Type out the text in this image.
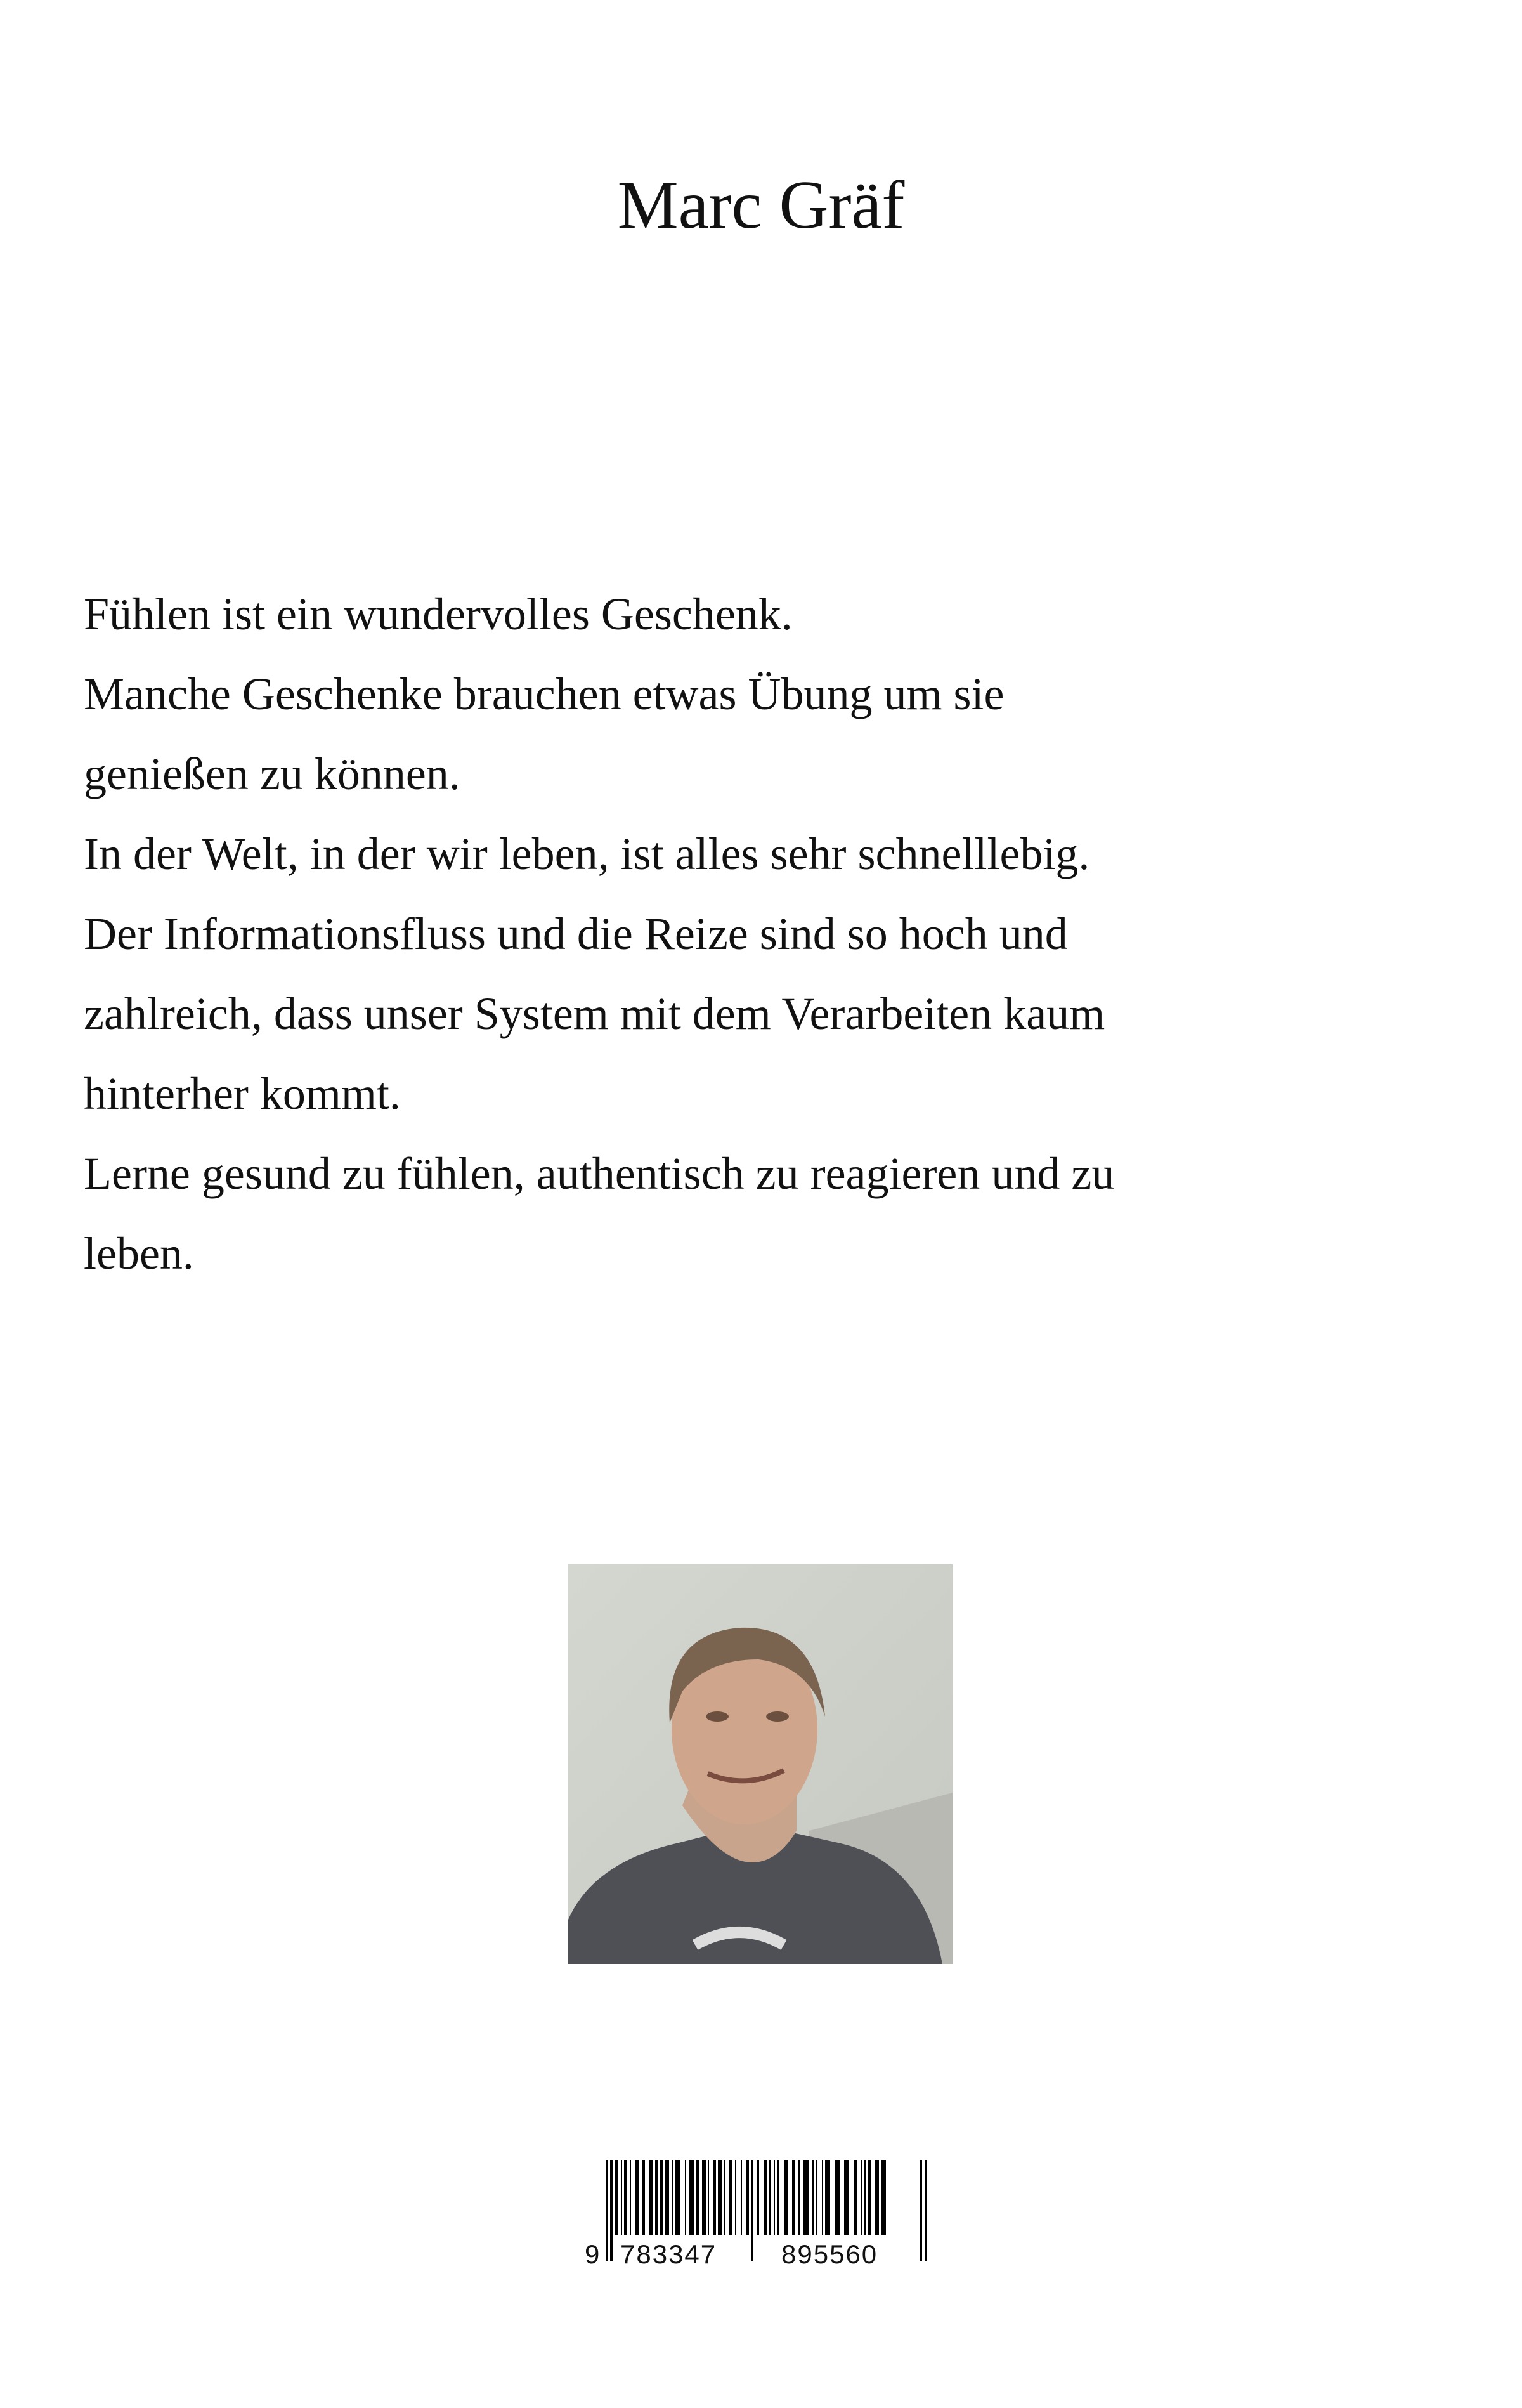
Marc Gräf
Fühlen ist ein wundervolles Geschenk.
Manche Geschenke brauchen etwas Übung um sie
genießen zu können.
In der Welt, in der wir leben, ist alles sehr schnelllebig.
Der Informationsfluss und die Reize sind so hoch und
zahlreich, dass unser System mit dem Verarbeiten kaum
hinterher kommt.
Lerne gesund zu fühlen, authentisch zu reagieren und zu
leben.
9 783347 895560
